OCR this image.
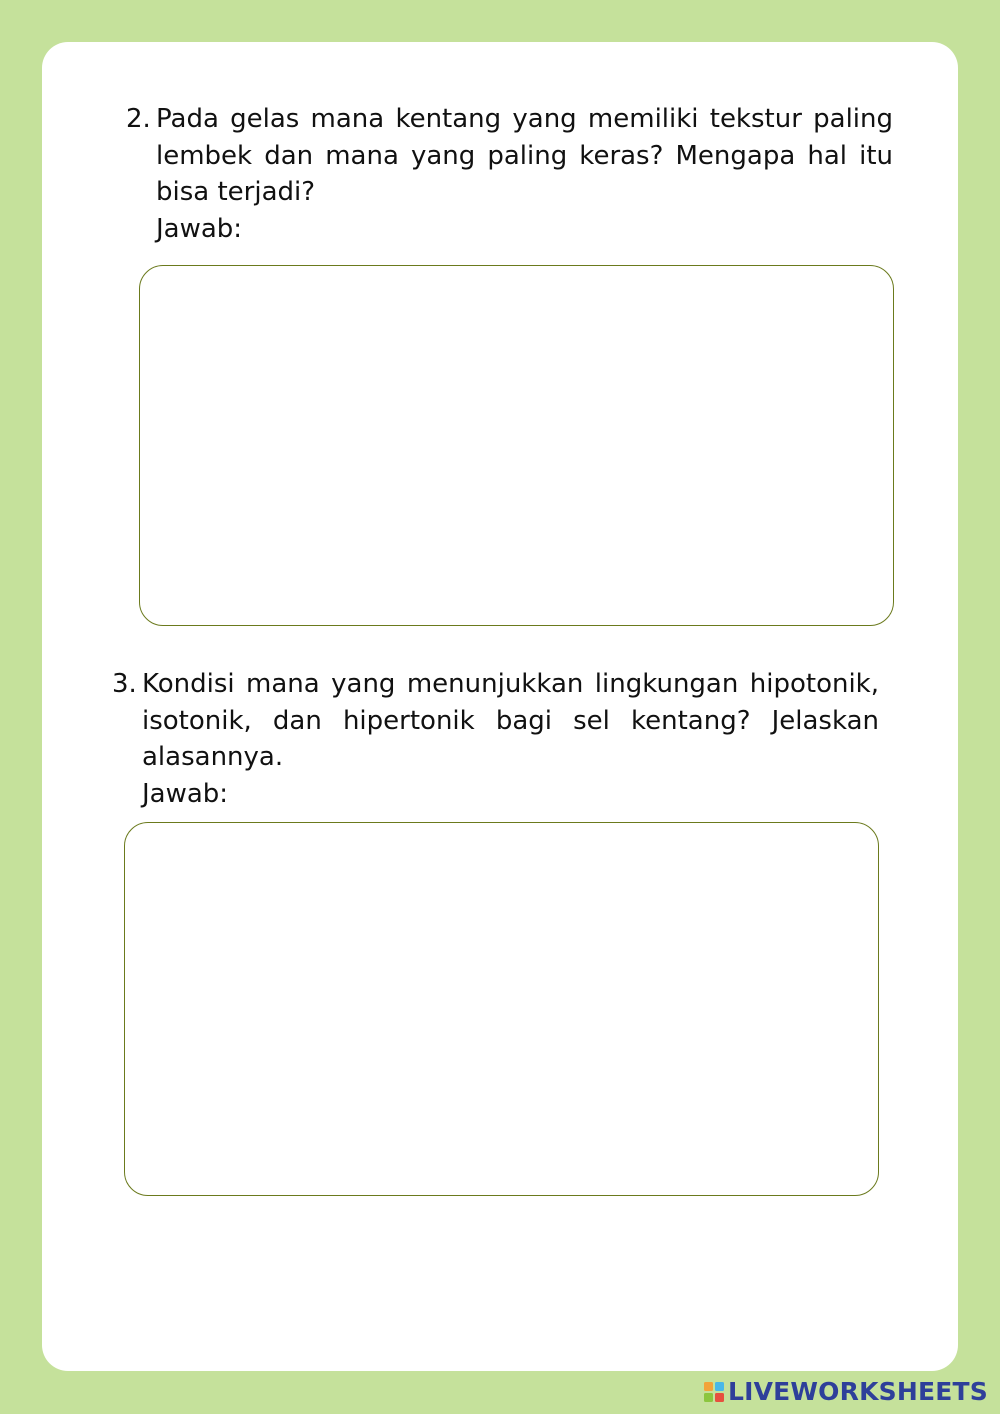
2. Pada gelas mana kentang yang memiliki tekstur paling lembek dan mana yang paling keras? Mengapa hal itu bisa terjadi?
Jawab:
3. Kondisi mana yang menunjukkan lingkungan hipotonik, isotonik, dan hipertonik bagi sel kentang? Jelaskan alasannya.
Jawab:
LIVEWORKSHEETS
